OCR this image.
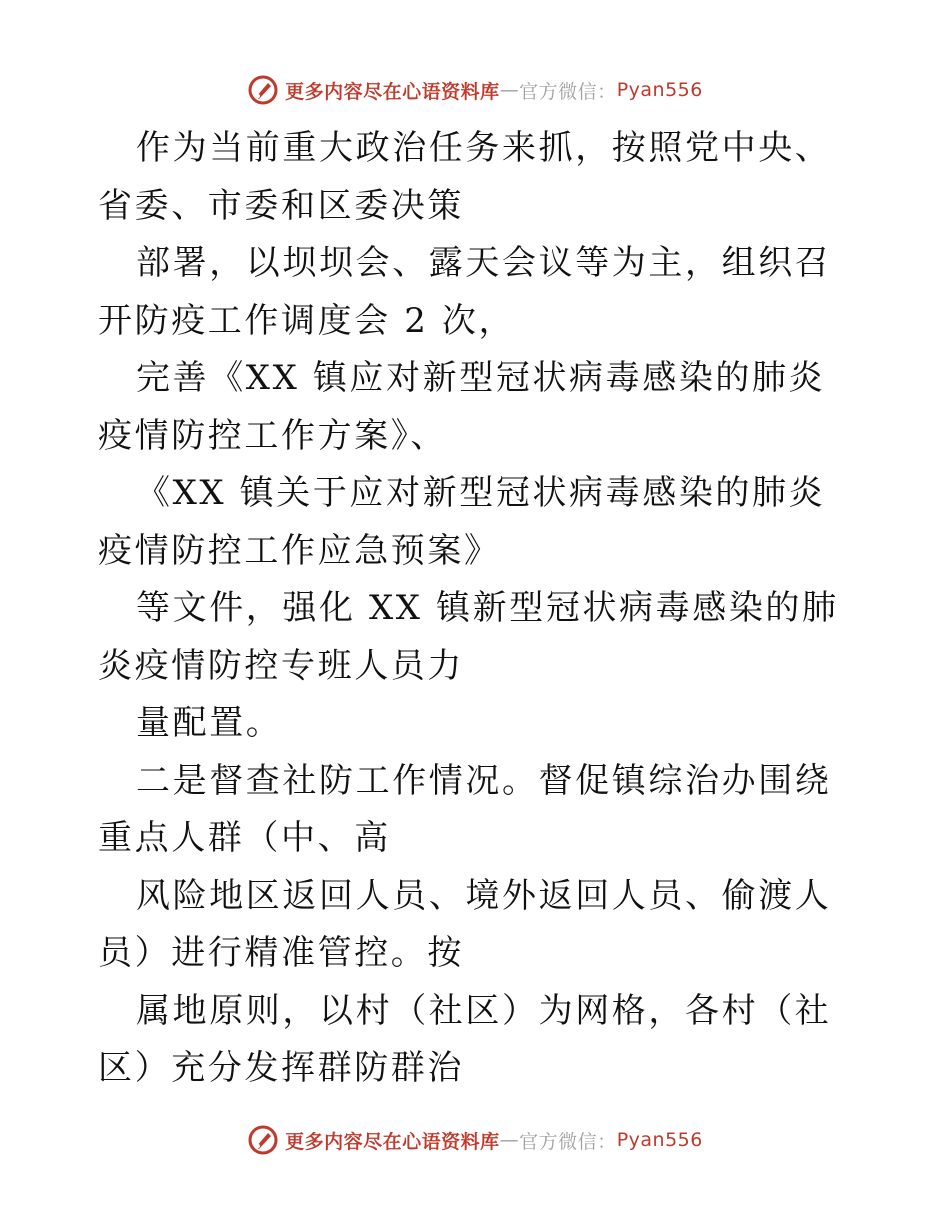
更多内容尽在心语资料库 — 官方微信： Pyan556

作为当前重大政治任务来抓，按照党中央、省委、市委和区委决策

部署，以坝坝会、露天会议等为主，组织召开防疫工作调度会 2 次，

完善《XX 镇应对新型冠状病毒感染的肺炎疫情防控工作方案》、

《XX 镇关于应对新型冠状病毒感染的肺炎疫情防控工作应急预案》

等文件，强化 XX 镇新型冠状病毒感染的肺炎疫情防控专班人员力

量配置。

二是督查社防工作情况。督促镇综治办围绕重点人群（中、高

风险地区返回人员、境外返回人员、偷渡人员）进行精准管控。按

属地原则，以村（社区）为网格，各村（社区）充分发挥群防群治

更多内容尽在心语资料库 — 官方微信： Pyan556
